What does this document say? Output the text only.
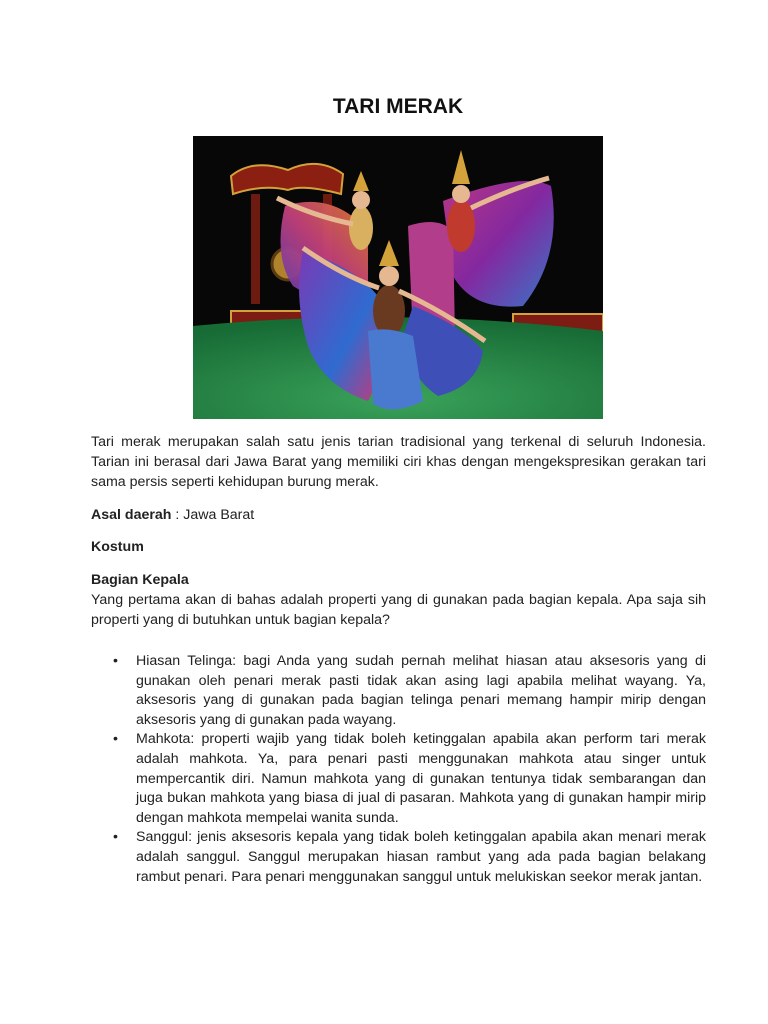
TARI MERAK

Tari merak merupakan salah satu jenis tarian tradisional yang terkenal di seluruh Indonesia. Tarian ini berasal dari Jawa Barat yang memiliki ciri khas dengan mengekspresikan gerakan tari sama persis seperti kehidupan burung merak.

Asal daerah : Jawa Barat

Kostum

Bagian Kepala
Yang pertama akan di bahas adalah properti yang di gunakan pada bagian kepala. Apa saja sih properti yang di butuhkan untuk bagian kepala?

• Hiasan Telinga: bagi Anda yang sudah pernah melihat hiasan atau aksesoris yang di gunakan oleh penari merak pasti tidak akan asing lagi apabila melihat wayang. Ya, aksesoris yang di gunakan pada bagian telinga penari memang hampir mirip dengan aksesoris yang di gunakan pada wayang.
• Mahkota: properti wajib yang tidak boleh ketinggalan apabila akan perform tari merak adalah mahkota. Ya, para penari pasti menggunakan mahkota atau singer untuk mempercantik diri. Namun mahkota yang di gunakan tentunya tidak sembarangan dan juga bukan mahkota yang biasa di jual di pasaran. Mahkota yang di gunakan hampir mirip dengan mahkota mempelai wanita sunda.
• Sanggul: jenis aksesoris kepala yang tidak boleh ketinggalan apabila akan menari merak adalah sanggul. Sanggul merupakan hiasan rambut yang ada pada bagian belakang rambut penari. Para penari menggunakan sanggul untuk melukiskan seekor merak jantan.
